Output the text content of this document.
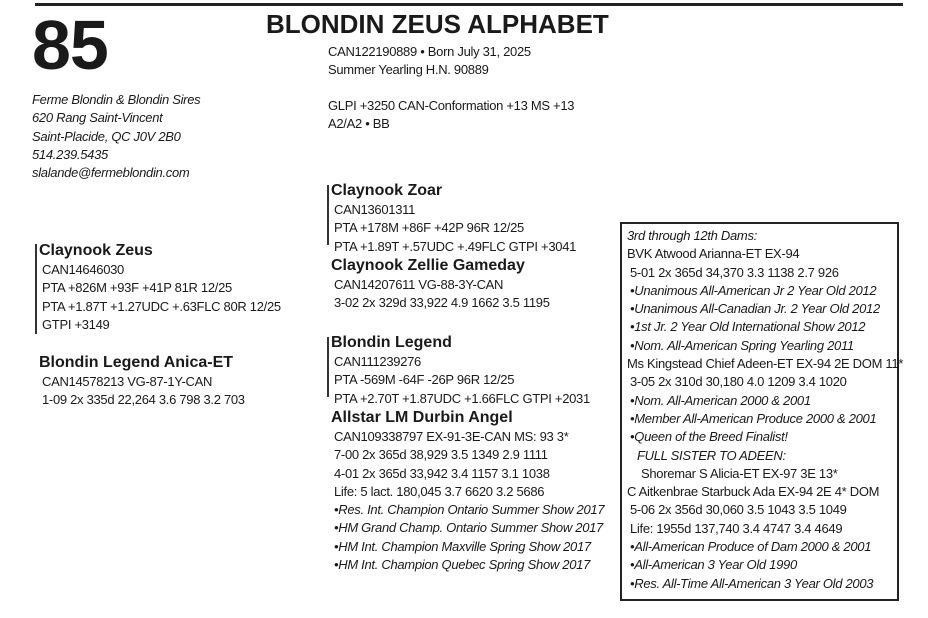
85	BLONDIN ZEUS ALPHABET
CAN122190889 • Born July 31, 2025
Summer Yearling H.N. 90889
GLPI +3250 CAN-Conformation +13 MS +13
A2/A2 • BB
Ferme Blondin & Blondin Sires
620 Rang Saint-Vincent
Saint-Placide, QC J0V 2B0
514.239.5435
slalande@fermeblondin.com
Claynook Zeus
CAN14646030
PTA +826M +93F +41P 81R 12/25
PTA +1.87T +1.27UDC +.63FLC 80R 12/25
GTPI +3149
Blondin Legend Anica-ET
CAN14578213 VG-87-1Y-CAN
1-09 2x 335d 22,264 3.6 798 3.2 703
Claynook Zoar
CAN13601311
PTA +178M +86F +42P 96R 12/25
PTA +1.89T +.57UDC +.49FLC GTPI +3041
Claynook Zellie Gameday
CAN14207611 VG-88-3Y-CAN
3-02 2x 329d 33,922 4.9 1662 3.5 1195
Blondin Legend
CAN111239276
PTA -569M -64F -26P 96R 12/25
PTA +2.70T +1.87UDC +1.66FLC GTPI +2031
Allstar LM Durbin Angel
CAN109338797 EX-91-3E-CAN MS: 93 3*
7-00 2x 365d 38,929 3.5 1349 2.9 1111
4-01 2x 365d 33,942 3.4 1157 3.1 1038
Life: 5 lact. 180,045 3.7 6620 3.2 5686
•Res. Int. Champion Ontario Summer Show 2017
•HM Grand Champ. Ontario Summer Show 2017
•HM Int. Champion Maxville Spring Show 2017
•HM Int. Champion Quebec Spring Show 2017
3rd through 12th Dams:
BVK Atwood Arianna-ET EX-94
5-01 2x 365d 34,370 3.3 1138 2.7 926
•Unanimous All-American Jr 2 Year Old 2012
•Unanimous All-Canadian Jr. 2 Year Old 2012
•1st Jr. 2 Year Old International Show 2012
•Nom. All-American Spring Yearling 2011
Ms Kingstead Chief Adeen-ET EX-94 2E DOM 11*
3-05 2x 310d 30,180 4.0 1209 3.4 1020
•Nom. All-American 2000 & 2001
•Member All-American Produce 2000 & 2001
•Queen of the Breed Finalist!
FULL SISTER TO ADEEN:
Shoremar S Alicia-ET EX-97 3E 13*
C Aitkenbrae Starbuck Ada EX-94 2E 4* DOM
5-06 2x 356d 30,060 3.5 1043 3.5 1049
Life: 1955d 137,740 3.4 4747 3.4 4649
•All-American Produce of Dam 2000 & 2001
•All-American 3 Year Old 1990
•Res. All-Time All-American 3 Year Old 2003
